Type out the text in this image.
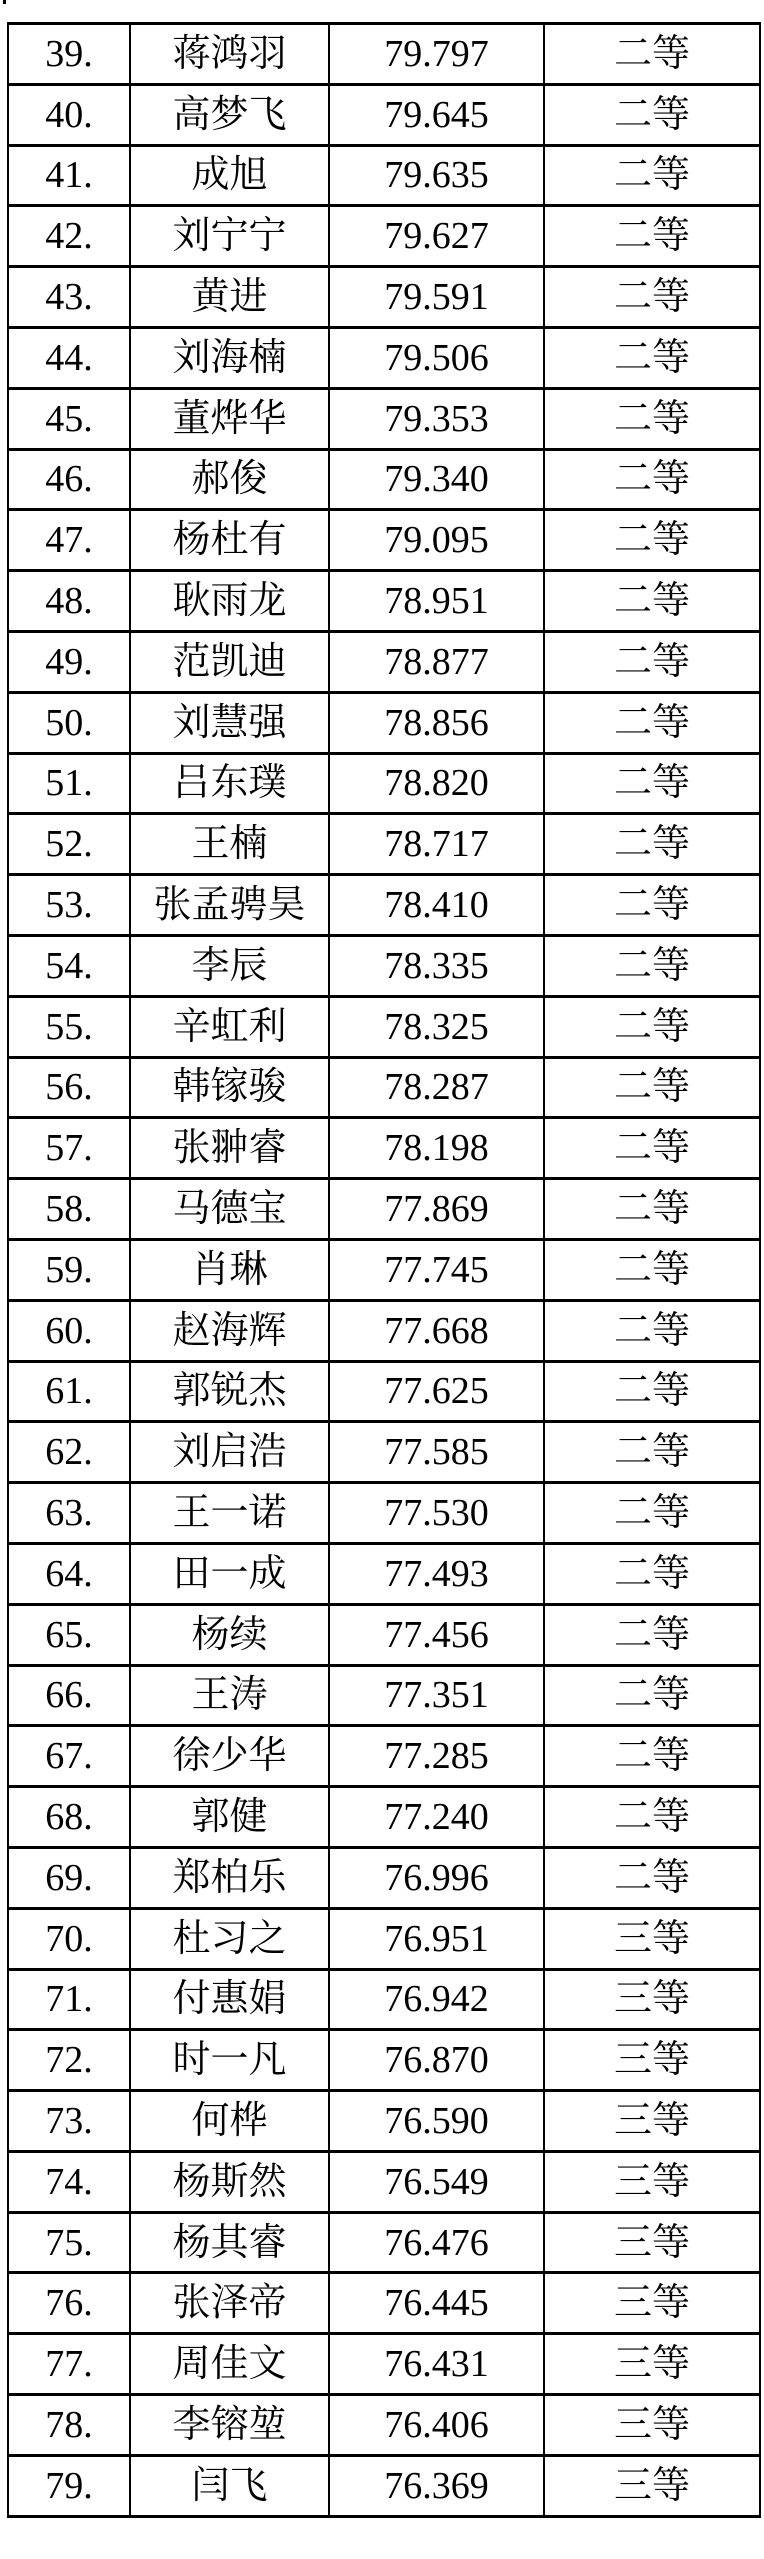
39.	蒋鸿羽	79.797	二等
40.	高梦飞	79.645	二等
41.	成旭	79.635	二等
42.	刘宁宁	79.627	二等
43.	黄进	79.591	二等
44.	刘海楠	79.506	二等
45.	董烨华	79.353	二等
46.	郝俊	79.340	二等
47.	杨杜有	79.095	二等
48.	耿雨龙	78.951	二等
49.	范凯迪	78.877	二等
50.	刘慧强	78.856	二等
51.	吕东璞	78.820	二等
52.	王楠	78.717	二等
53.	张孟骋昊	78.410	二等
54.	李辰	78.335	二等
55.	辛虹利	78.325	二等
56.	韩镓骏	78.287	二等
57.	张翀睿	78.198	二等
58.	马德宝	77.869	二等
59.	肖琳	77.745	二等
60.	赵海辉	77.668	二等
61.	郭锐杰	77.625	二等
62.	刘启浩	77.585	二等
63.	王一诺	77.530	二等
64.	田一成	77.493	二等
65.	杨续	77.456	二等
66.	王涛	77.351	二等
67.	徐少华	77.285	二等
68.	郭健	77.240	二等
69.	郑柏乐	76.996	二等
70.	杜习之	76.951	三等
71.	付惠娟	76.942	三等
72.	时一凡	76.870	三等
73.	何桦	76.590	三等
74.	杨斯然	76.549	三等
75.	杨其睿	76.476	三等
76.	张泽帝	76.445	三等
77.	周佳文	76.431	三等
78.	李镕堃	76.406	三等
79.	闫飞	76.369	三等
